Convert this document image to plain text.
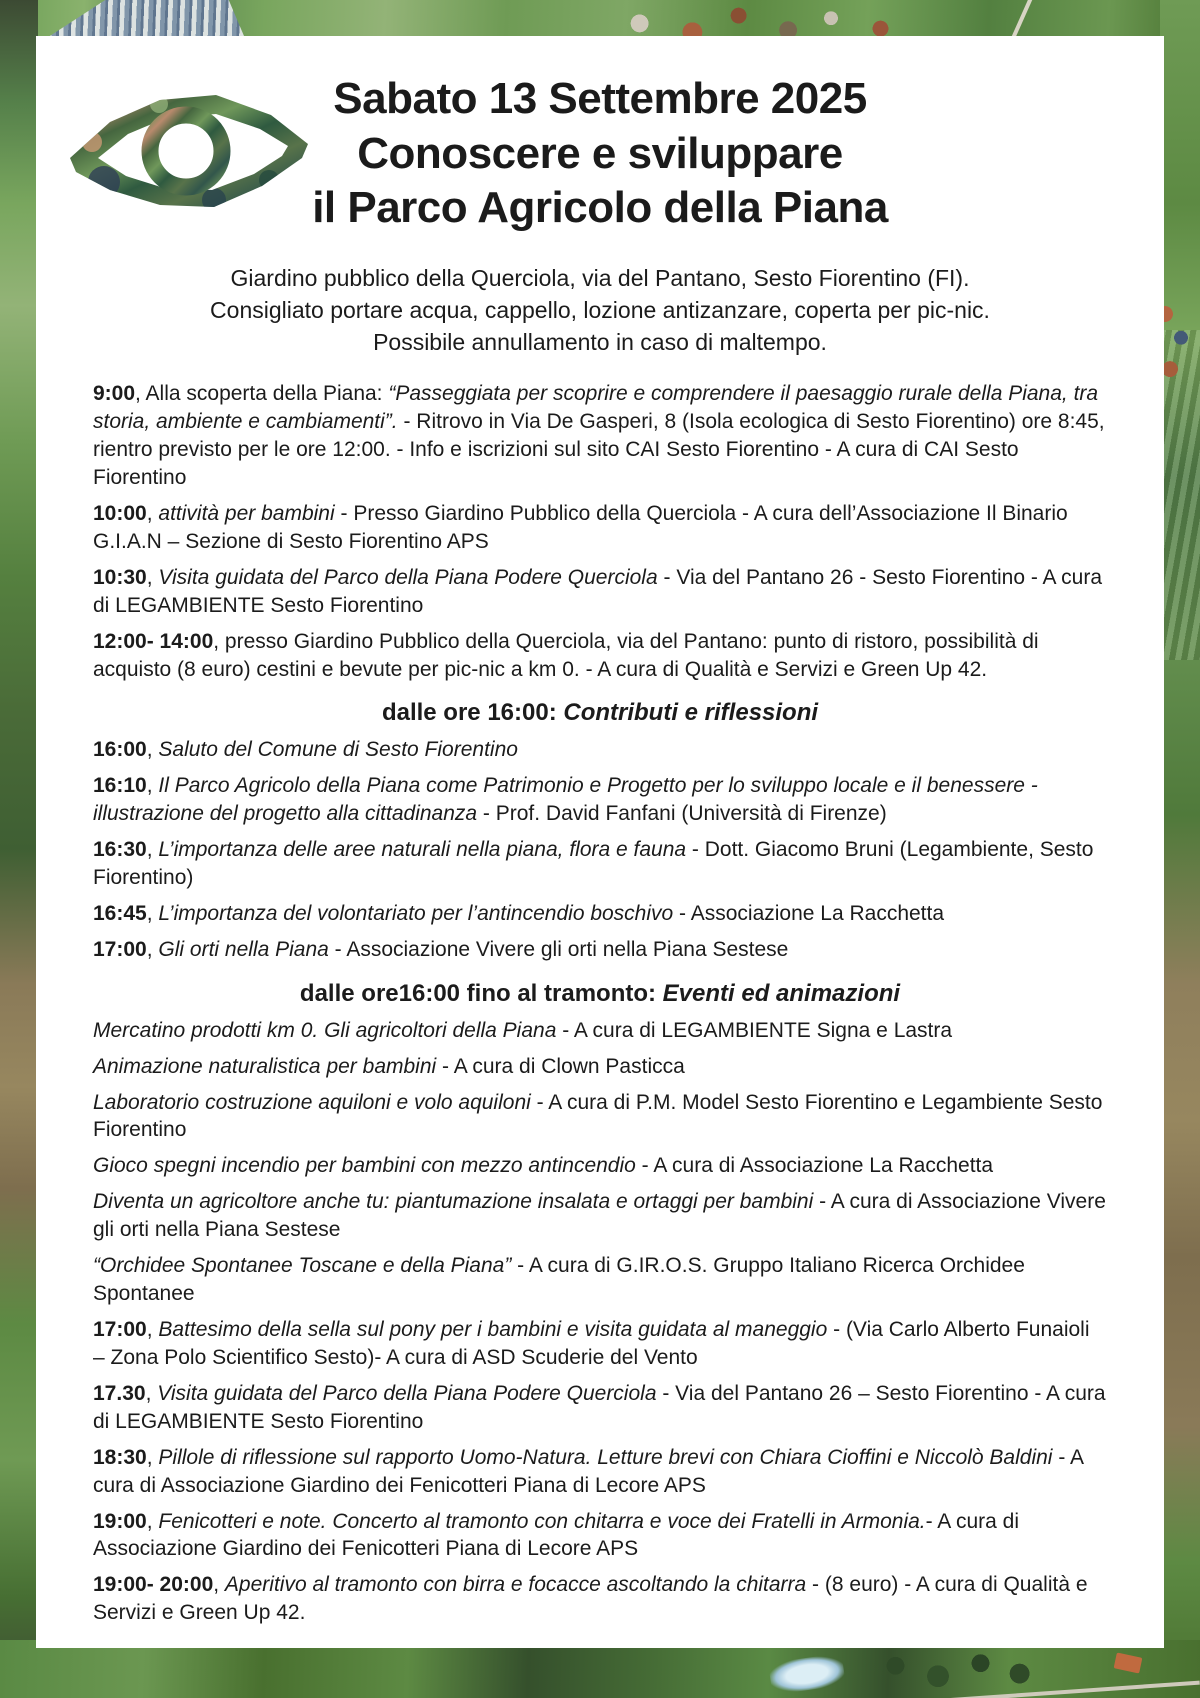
Sabato 13 Settembre 2025
Conoscere e sviluppare
il Parco Agricolo della Piana
Giardino pubblico della Querciola, via del Pantano, Sesto Fiorentino (FI).
Consigliato portare acqua, cappello, lozione antizanzare, coperta per pic-nic.
Possibile annullamento in caso di maltempo.

9:00, Alla scoperta della Piana: “Passeggiata per scoprire e comprendere il paesaggio rurale della Piana, tra storia, ambiente e cambiamenti”. - Ritrovo in Via De Gasperi, 8 (Isola ecologica di Sesto Fiorentino) ore 8:45, rientro previsto per le ore 12:00. - Info e iscrizioni sul sito CAI Sesto Fiorentino - A cura di CAI Sesto Fiorentino

10:00, attività per bambini - Presso Giardino Pubblico della Querciola - A cura dell’Associazione Il Binario G.I.A.N – Sezione di Sesto Fiorentino APS

10:30, Visita guidata del Parco della Piana Podere Querciola - Via del Pantano 26 - Sesto Fiorentino - A cura di LEGAMBIENTE Sesto Fiorentino

12:00- 14:00, presso Giardino Pubblico della Querciola, via del Pantano: punto di ristoro, possibilità di acquisto (8 euro) cestini e bevute per pic-nic a km 0. - A cura di Qualità e Servizi e Green Up 42.

dalle ore 16:00: Contributi e riflessioni

16:00, Saluto del Comune di Sesto Fiorentino

16:10, Il Parco Agricolo della Piana come Patrimonio e Progetto per lo sviluppo locale e il benessere - illustrazione del progetto alla cittadinanza - Prof. David Fanfani (Università di Firenze)

16:30, L’importanza delle aree naturali nella piana, flora e fauna - Dott. Giacomo Bruni (Legambiente, Sesto Fiorentino)

16:45, L’importanza del volontariato per l’antincendio boschivo - Associazione La Racchetta

17:00, Gli orti nella Piana - Associazione Vivere gli orti nella Piana Sestese

dalle ore16:00 fino al tramonto: Eventi ed animazioni

Mercatino prodotti km 0. Gli agricoltori della Piana - A cura di LEGAMBIENTE Signa e Lastra

Animazione naturalistica per bambini - A cura di Clown Pasticca

Laboratorio costruzione aquiloni e volo aquiloni - A cura di P.M. Model Sesto Fiorentino e Legambiente Sesto Fiorentino

Gioco spegni incendio per bambini con mezzo antincendio - A cura di Associazione La Racchetta

Diventa un agricoltore anche tu: piantumazione insalata e ortaggi per bambini - A cura di Associazione Vivere gli orti nella Piana Sestese

“Orchidee Spontanee Toscane e della Piana” - A cura di G.IR.O.S. Gruppo Italiano Ricerca Orchidee Spontanee

17:00, Battesimo della sella sul pony per i bambini e visita guidata al maneggio - (Via Carlo Alberto Funaioli – Zona Polo Scientifico Sesto)- A cura di ASD Scuderie del Vento

17.30, Visita guidata del Parco della Piana Podere Querciola - Via del Pantano 26 – Sesto Fiorentino - A cura di LEGAMBIENTE Sesto Fiorentino

18:30, Pillole di riflessione sul rapporto Uomo-Natura. Letture brevi con Chiara Cioffini e Niccolò Baldini - A cura di Associazione Giardino dei Fenicotteri Piana di Lecore APS

19:00, Fenicotteri e note. Concerto al tramonto con chitarra e voce dei Fratelli in Armonia.- A cura di Associazione Giardino dei Fenicotteri Piana di Lecore APS

19:00- 20:00, Aperitivo al tramonto con birra e focacce ascoltando la chitarra - (8 euro) - A cura di Qualità e Servizi e Green Up 42.
